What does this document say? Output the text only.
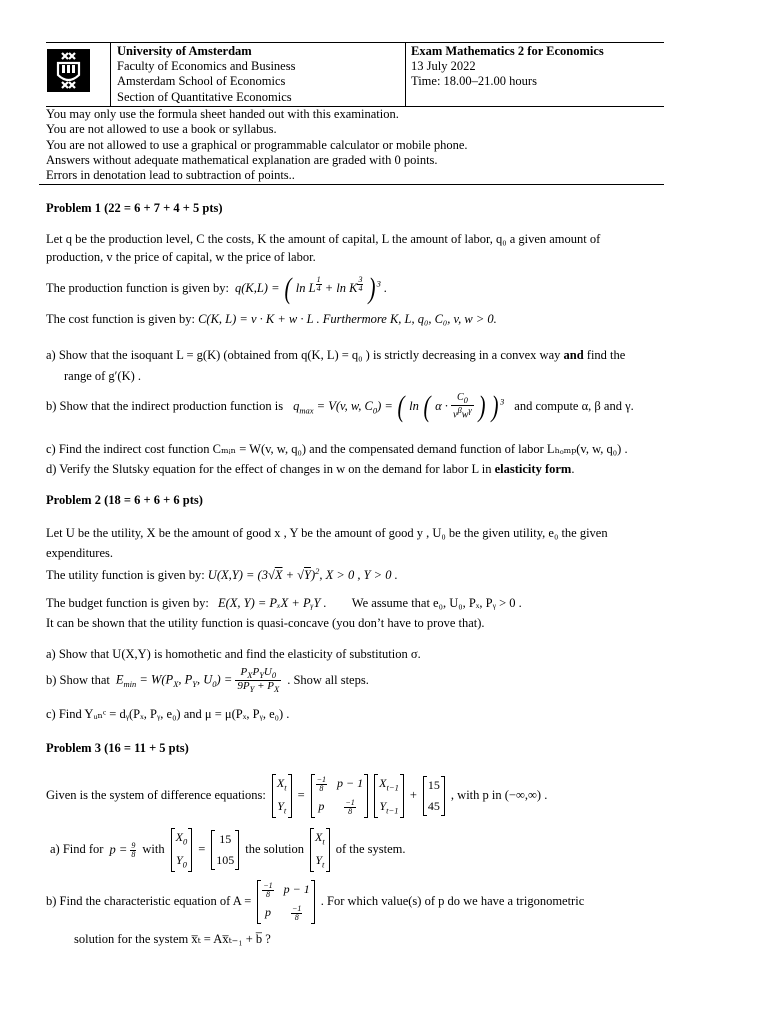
University of Amsterdam
Faculty of Economics and Business
Amsterdam School of Economics
Section of Quantitative Economics
Exam Mathematics 2 for Economics
13 July 2022
Time: 18.00–21.00 hours
You may only use the formula sheet handed out with this examination.
You are not allowed to use a book or syllabus.
You are not allowed to use a graphical or programmable calculator or mobile phone.
Answers without adequate mathematical explanation are graded with 0 points.
Errors in denotation lead to subtraction of points..
Problem 1 (22 = 6 + 7 + 4 + 5 pts)
Let q be the production level, C the costs, K the amount of capital, L the amount of labor, q₀ a given amount of
production, v the price of capital, w the price of labor.
The production function is given by: q(K,L) = ( ln L $^{\frac{1}{4}}$ + ln K $^{\frac{3}{4}}$ ) $^3$ .
The cost function is given by: C(K, L) = v · K + w · L . Furthermore K, L, q₀, C₀, v, w > 0.
a) Show that the isoquant L = g(K) (obtained from q(K, L) = q₀ ) is strictly decreasing in a convex way and find the
range of g′(K) .
b) Show that the indirect production function is $q_{max} = V(v$, w, $C_0$) = ( ln ( $\alpha \cdot \frac{C_0}{v^\beta w^\gamma}$ ) ) $^3$ and compute α, β and γ.
c) Find the indirect cost function Cₘᵢₙ = W(v, w, q₀) and the compensated demand function of labor Lₕₒₘₚ(v, w, q₀) .
d) Verify the Slutsky equation for the effect of changes in w on the demand for labor L in elasticity form.
Problem 2 (18 = 6 + 6 + 6 pts)
Let U be the utility, X be the amount of good x , Y be the amount of good y , U₀ be the given utility, e₀ the given
expenditures.
The utility function is given by: $U(X,Y) = (3√X + √Y)^2$, X > 0 , Y > 0 .
The budget function is given by: E(X, Y) = PₓX + PᵧY . We assume that e₀, U₀, Pₓ, Pᵧ > 0 .
It can be shown that the utility function is quasi-concave (you don’t have to prove that).
a) Show that U(X,Y) is homothetic and find the elasticity of substitution σ.
b) Show that $E_{min} = W(P_X$, $P_Y$, $U_0) = \frac{P_XP_YU_0}{9P_Y + P_X}$ . Show all steps.
c) Find Yᵤₙᶜ = dᵧ(Pₓ, Pᵧ, e₀) and μ = μ(Pₓ, Pᵧ, e₀) .
Problem 3 (16 = 11 + 5 pts)
Given is the system of difference equations:
$X_t$
$Y_t$
=
$\frac{-1}{8}$ p − 1
p	$\frac{-1}{8}$
$X_{t-1}$
$Y_{t-1}$
+
15
45
, with p in (−∞,∞) .
a) Find for $p = \frac{9}{8}$ with
$X_0$
$Y_0$
=
15
105
the solution
$X_t$
$Y_t$
of the system.
b) Find the characteristic equation of A =
$\frac{-1}{8}$ p − 1
p	$\frac{-1}{8}$
. For which value(s) of p do we have a trigonometric
solution for the system x̅ₜ = Ax̅ₜ₋₁ + b̅ ?
